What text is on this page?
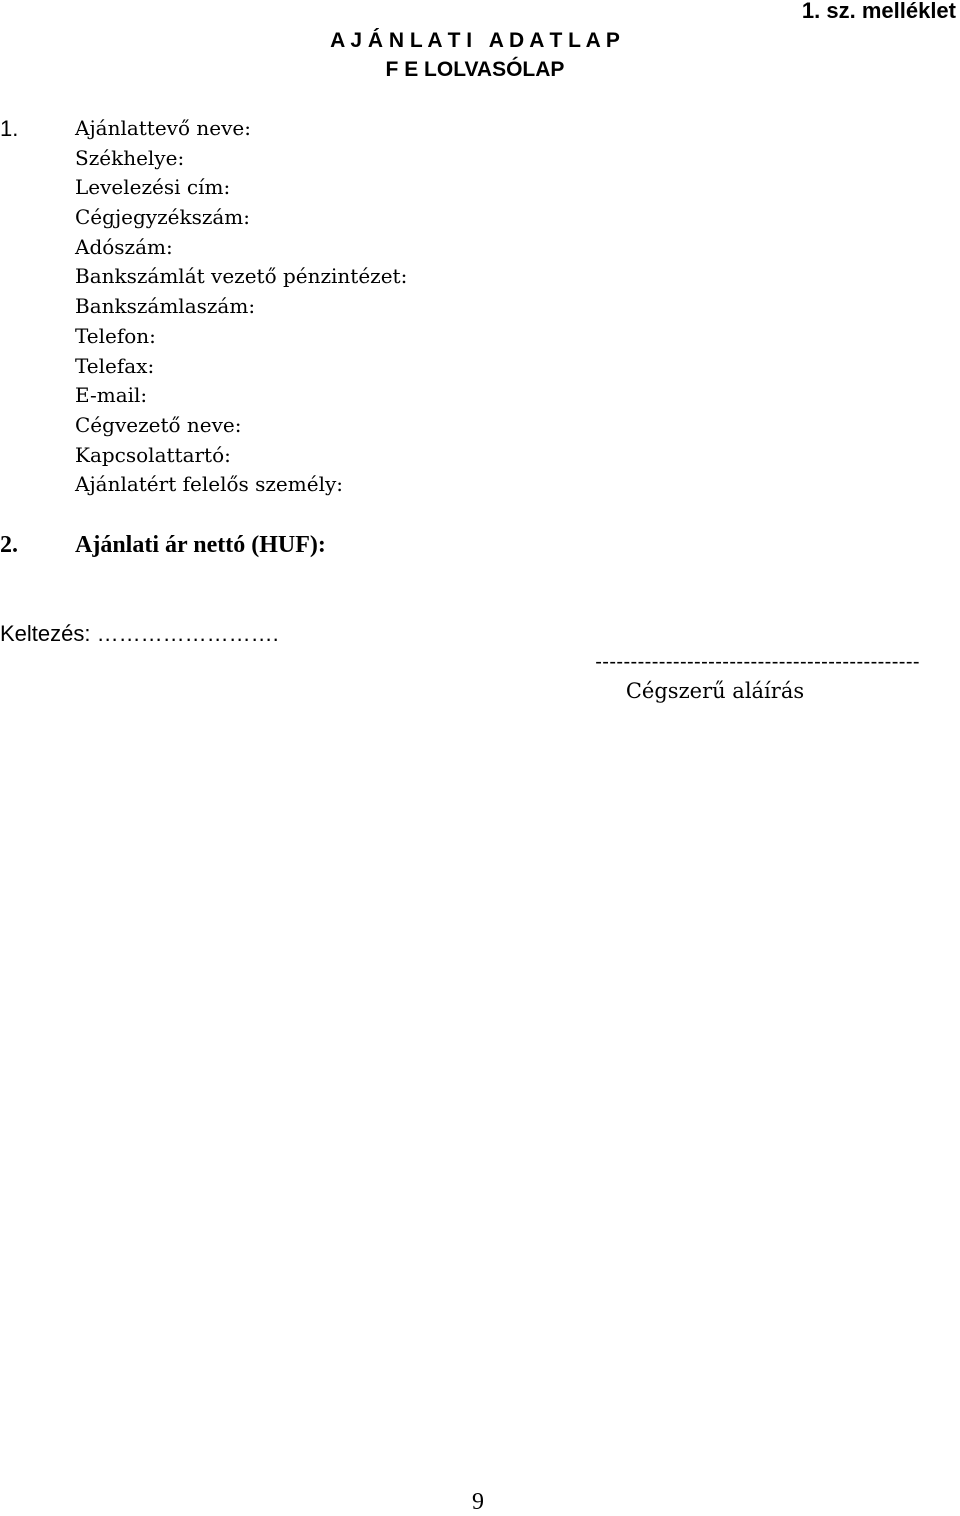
1. sz. melléklet
A J Á N L A T I   A D A T L A P
F E LOLVASÓLAP
1.	Ajánlattevő neve:
Székhelye:
Levelezési cím:
Cégjegyzékszám:
Adószám:
Bankszámlát vezető pénzintézet:
Bankszámlaszám:
Telefon:
Telefax:
E-mail:
Cégvezető neve:
Kapcsolattartó:
Ajánlatért felelős személy:
2.	Ajánlati ár nettó (HUF):
Keltezés: …………………….
----------------------------------------------
Cégszerű aláírás
9
